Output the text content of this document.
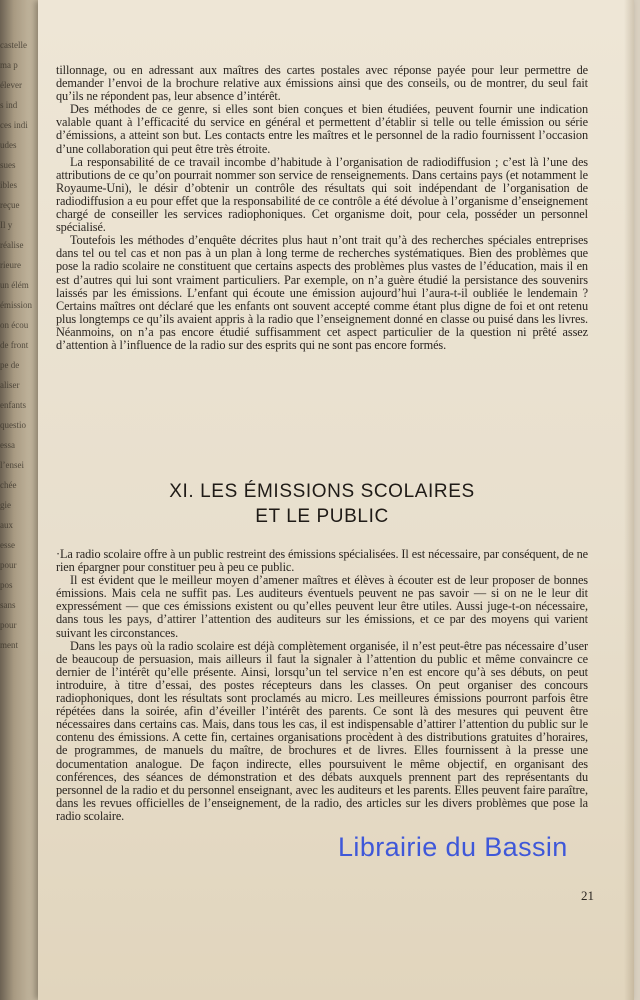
castelle
ma p
élever
s ind
ces indi
udes
sues
ibles
reçue
Il y
réalise
rieure
un élém
émission
on écou
de front
pe de
aliser
enfants
questio
essa
l’ensei
chée
gie
aux
esse
pour
pos
sans
pour
ment

tillonnage, ou en adressant aux maîtres des cartes postales avec réponse payée pour leur permettre de demander l’envoi de la brochure relative aux émissions ainsi que des conseils, ou de montrer, du seul fait qu’ils ne répondent pas, leur absence d’intérêt.

Des méthodes de ce genre, si elles sont bien conçues et bien étudiées, peuvent fournir une indication valable quant à l’efficacité du service en général et permettent d’établir si telle ou telle émission ou série d’émissions, a atteint son but. Les contacts entre les maîtres et le personnel de la radio fournissent l’occasion d’une collaboration qui peut être très étroite.

La responsabilité de ce travail incombe d’habitude à l’organisation de radiodiffusion ; c’est là l’une des attributions de ce qu’on pourrait nommer son service de renseignements. Dans certains pays (et notamment le Royaume-Uni), le désir d’obtenir un contrôle des résultats qui soit indépendant de l’organisation de radiodiffusion a eu pour effet que la responsabilité de ce contrôle a été dévolue à l’organisme d’enseignement chargé de conseiller les services radiophoniques. Cet organisme doit, pour cela, posséder un personnel spécialisé.

Toutefois les méthodes d’enquête décrites plus haut n’ont trait qu’à des recherches spéciales entreprises dans tel ou tel cas et non pas à un plan à long terme de recherches systématiques. Bien des problèmes que pose la radio scolaire ne constituent que certains aspects des problèmes plus vastes de l’éducation, mais il en est d’autres qui lui sont vraiment particuliers. Par exemple, on n’a guère étudié la persistance des souvenirs laissés par les émissions. L’enfant qui écoute une émission aujourd’hui l’aura-t-il oubliée le lendemain ? Certains maîtres ont déclaré que les enfants ont souvent accepté comme étant plus digne de foi et ont retenu plus longtemps ce qu’ils avaient appris à la radio que l’enseignement donné en classe ou puisé dans les livres. Néanmoins, on n’a pas encore étudié suffisamment cet aspect particulier de la question ni prêté assez d’attention à l’influence de la radio sur des esprits qui ne sont pas encore formés.

XI. LES ÉMISSIONS SCOLAIRES
ET LE PUBLIC

·La radio scolaire offre à un public restreint des émissions spécialisées. Il est nécessaire, par conséquent, de ne rien épargner pour constituer peu à peu ce public.

Il est évident que le meilleur moyen d’amener maîtres et élèves à écouter est de leur proposer de bonnes émissions. Mais cela ne suffit pas. Les auditeurs éventuels peuvent ne pas savoir — si on ne le leur dit expressément — que ces émissions existent ou qu’elles peuvent leur être utiles. Aussi juge-t-on nécessaire, dans tous les pays, d’attirer l’attention des auditeurs sur les émissions, et ce par des moyens qui varient suivant les circonstances.

Dans les pays où la radio scolaire est déjà complètement organisée, il n’est peut-être pas nécessaire d’user de beaucoup de persuasion, mais ailleurs il faut la signaler à l’attention du public et même convaincre ce dernier de l’intérêt qu’elle présente. Ainsi, lorsqu’un tel service n’en est encore qu’à ses débuts, on peut introduire, à titre d’essai, des postes récepteurs dans les classes. On peut organiser des concours radiophoniques, dont les résultats sont proclamés au micro. Les meilleures émissions pourront parfois être répétées dans la soirée, afin d’éveiller l’intérêt des parents. Ce sont là des mesures qui peuvent être nécessaires dans certains cas. Mais, dans tous les cas, il est indispensable d’attirer l’attention du public sur le contenu des émissions. A cette fin, certaines organisations procèdent à des distributions gratuites d’horaires, de programmes, de manuels du maître, de brochures et de livres. Elles fournissent à la presse une documentation analogue. De façon indirecte, elles poursuivent le même objectif, en organisant des conférences, des séances de démonstration et des débats auxquels prennent part des représentants du personnel de la radio et du personnel enseignant, avec les auditeurs et les parents. Elles peuvent faire paraître, dans les revues officielles de l’enseignement, de la radio, des articles sur les divers problèmes que pose la radio scolaire.

Librairie du Bassin
21
